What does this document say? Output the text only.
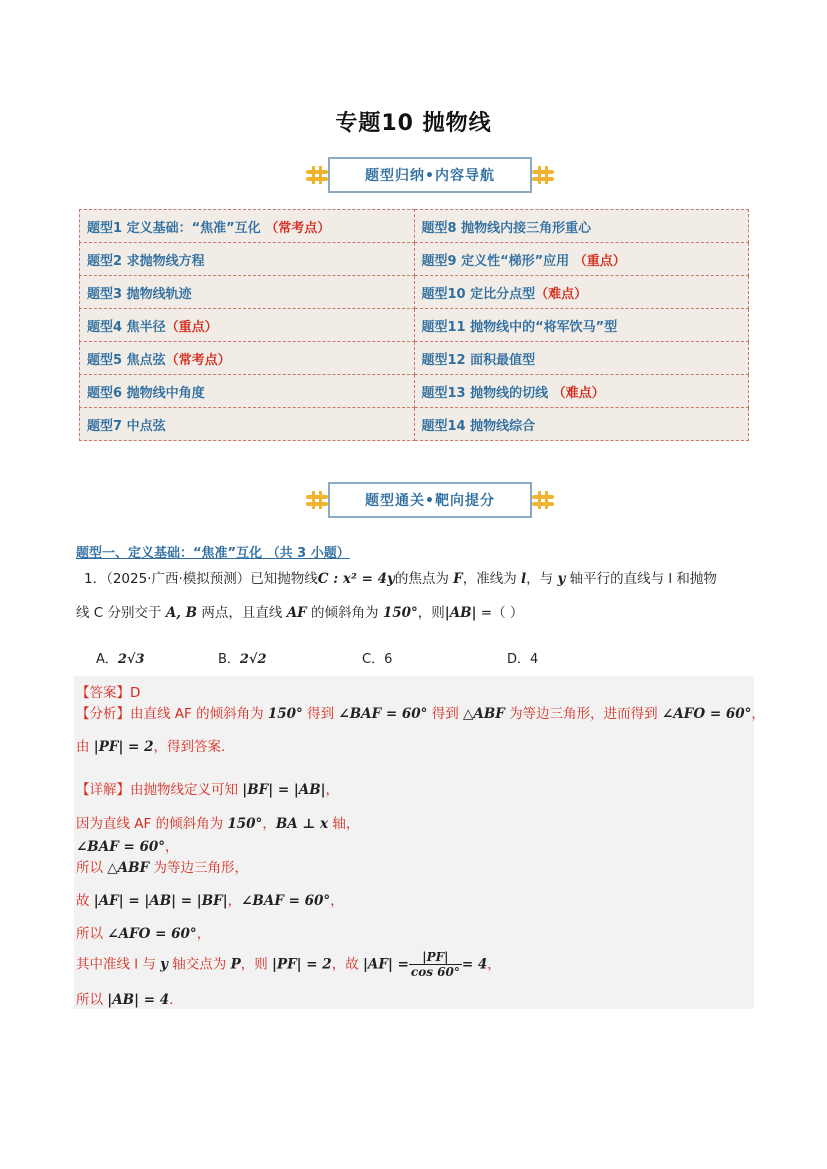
专题10 抛物线
题型归纳•内容导航
题型1 定义基础：“焦准”互化 （常考点）	题型8 抛物线内接三角形重心
题型2 求抛物线方程	题型9 定义性“梯形”应用 （重点）
题型3 抛物线轨迹	题型10 定比分点型（难点）
题型4 焦半径（重点）	题型11 抛物线中的“将军饮马”型
题型5 焦点弦（常考点）	题型12 面积最值型
题型6 抛物线中角度	题型13 抛物线的切线 （难点）
题型7 中点弦	题型14 抛物线综合
题型通关•靶向提分
题型一、定义基础：“焦准”互化 （共 3 小题）
1．（2025·广西·模拟预测）已知抛物线C : x² = 4y的焦点为 F，准线为 l，与 y 轴平行的直线与 l 和抛物
线 C 分别交于 A, B 两点，且直线 AF 的倾斜角为 150°，则|AB| =（ ）
A．2√3	B．2√2	C．6	D．4
【答案】D
【分析】由直线 AF 的倾斜角为 150° 得到 ∠BAF = 60° 得到 △ABF 为等边三角形，进而得到 ∠AFO = 60°，
由 |PF| = 2，得到答案.
【详解】由抛物线定义可知 |BF| = |AB|，
因为直线 AF 的倾斜角为 150°，BA ⊥ x 轴，
∠BAF = 60°，
所以 △ABF 为等边三角形，
故 |AF| = |AB| = |BF|，∠BAF = 60°，
所以 ∠AFO = 60°，
其中准线 l 与 y 轴交点为 P，则 |PF| = 2，故 $|AF| = \frac{|PF|}{\cos 60^\circ} = 4$，
所以 |AB| = 4.
